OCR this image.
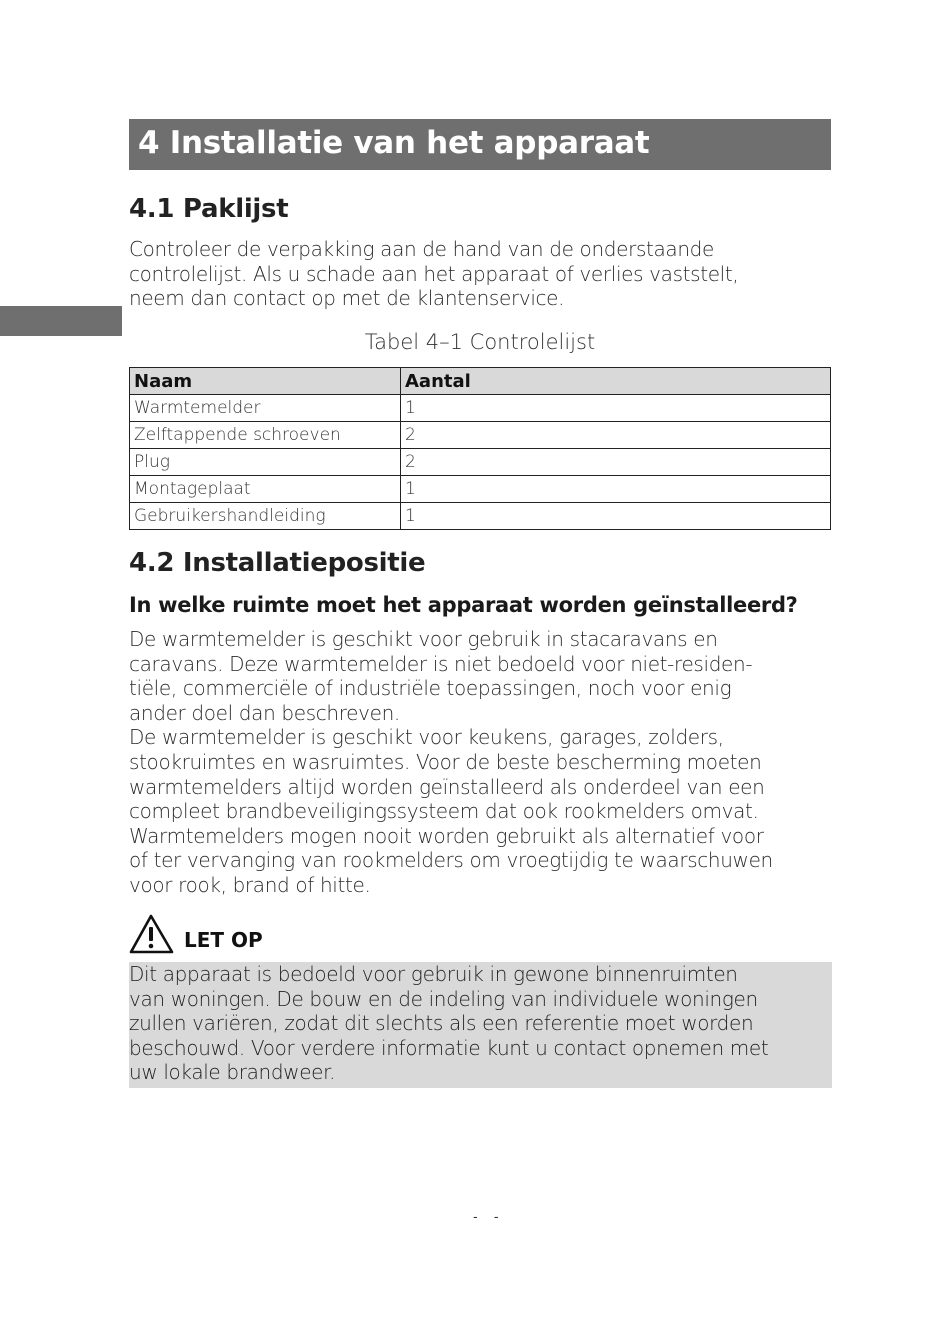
4 Installatie van het apparaat
4.1 Paklijst

Controleer de verpakking aan de hand van de onderstaande
controlelijst. Als u schade aan het apparaat of verlies vaststelt,
neem dan contact op met de klantenservice.

Tabel 4–1 Controlelijst
Naam	Aantal
Warmtemelder	1
Zelftappende schroeven	2
Plug	2
Montageplaat	1
Gebruikershandleiding	1
4.2 Installatiepositie
In welke ruimte moet het apparaat worden geïnstalleerd?

De warmtemelder is geschikt voor gebruik in stacaravans en
caravans. Deze warmtemelder is niet bedoeld voor niet-residen-
tiële, commerciële of industriële toepassingen, noch voor enig
ander doel dan beschreven.
De warmtemelder is geschikt voor keukens, garages, zolders,
stookruimtes en wasruimtes. Voor de beste bescherming moeten
warmtemelders altijd worden geïnstalleerd als onderdeel van een
compleet brandbeveiligingssysteem dat ook rookmelders omvat.
Warmtemelders mogen nooit worden gebruikt als alternatief voor
of ter vervanging van rookmelders om vroegtijdig te waarschuwen
voor rook, brand of hitte.

LET OP

Dit apparaat is bedoeld voor gebruik in gewone binnenruimten
van woningen. De bouw en de indeling van individuele woningen
zullen variëren, zodat dit slechts als een referentie moet worden
beschouwd. Voor verdere informatie kunt u contact opnemen met
uw lokale brandweer.

- -
